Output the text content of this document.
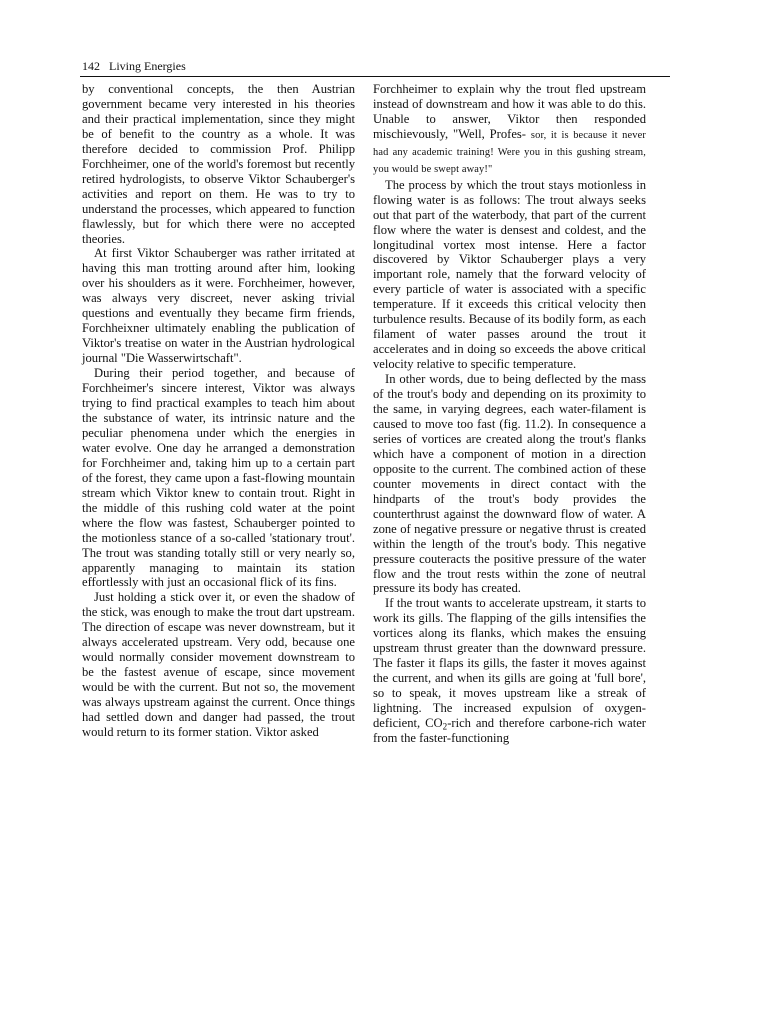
142 Living Energies

by conventional concepts, the then Austrian government became very interested in his theories and their practical implementation, since they might be of benefit to the country as a whole. It was therefore decided to commission Prof. Philipp Forchheimer, one of the world's foremost but recently retired hydrologists, to observe Viktor Schauberger's activities and report on them. He was to try to understand the processes, which appeared to function flawlessly, but for which there were no accepted theories.

At first Viktor Schauberger was rather irritated at having this man trotting around after him, looking over his shoulders as it were. Forchheimer, however, was always very discreet, never asking trivial questions and eventually they became firm friends, Forchheixner ultimately enabling the publication of Viktor's treatise on water in the Austrian hydrological journal "Die Wasserwirtschaft".

During their period together, and because of Forchheimer's sincere interest, Viktor was always trying to find practical examples to teach him about the substance of water, its intrinsic nature and the peculiar phenomena under which the energies in water evolve. One day he arranged a demonstration for Forchheimer and, taking him up to a certain part of the forest, they came upon a fast-flowing mountain stream which Viktor knew to contain trout. Right in the middle of this rushing cold water at the point where the flow was fastest, Schauberger pointed to the motionless stance of a so-called 'stationary trout'. The trout was standing totally still or very nearly so, apparently managing to maintain its station effortlessly with just an occasional flick of its fins.

Just holding a stick over it, or even the shadow of the stick, was enough to make the trout dart upstream. The direction of escape was never downstream, but it always accelerated upstream. Very odd, because one would normally consider movement downstream to be the fastest avenue of escape, since movement would be with the current. But not so, the movement was always upstream against the current. Once things had settled down and danger had passed, the trout would return to its former station. Viktor asked

Forchheimer to explain why the trout fled upstream instead of downstream and how it was able to do this. Unable to answer, Viktor then responded mischievously, "Well, Profes- sor, it is because it never had any academic training! Were you in this gushing stream, you would be swept away!"

The process by which the trout stays motionless in flowing water is as follows: The trout always seeks out that part of the waterbody, that part of the current flow where the water is densest and coldest, and the longitudinal vortex most intense. Here a factor discovered by Viktor Schauberger plays a very important role, namely that the forward velocity of every particle of water is associated with a specific temperature. If it exceeds this critical velocity then turbulence results. Because of its bodily form, as each filament of water passes around the trout it accelerates and in doing so exceeds the above critical velocity relative to specific temperature.

In other words, due to being deflected by the mass of the trout's body and depending on its proximity to the same, in varying degrees, each water-filament is caused to move too fast (fig. 11.2). In consequence a series of vortices are created along the trout's flanks which have a component of motion in a direction opposite to the current. The combined action of these counter movements in direct contact with the hindparts of the trout's body provides the counterthrust against the downward flow of water. A zone of negative pressure or negative thrust is created within the length of the trout's body. This negative pressure couteracts the positive pressure of the water flow and the trout rests within the zone of neutral pressure its body has created.

If the trout wants to accelerate upstream, it starts to work its gills. The flapping of the gills intensifies the vortices along its flanks, which makes the ensuing upstream thrust greater than the downward pressure. The faster it flaps its gills, the faster it moves against the current, and when its gills are going at 'full bore', so to speak, it moves upstream like a streak of lightning. The increased expulsion of oxygen-deficient, $CO_2$-rich and therefore carbone-rich water from the faster-functioning
